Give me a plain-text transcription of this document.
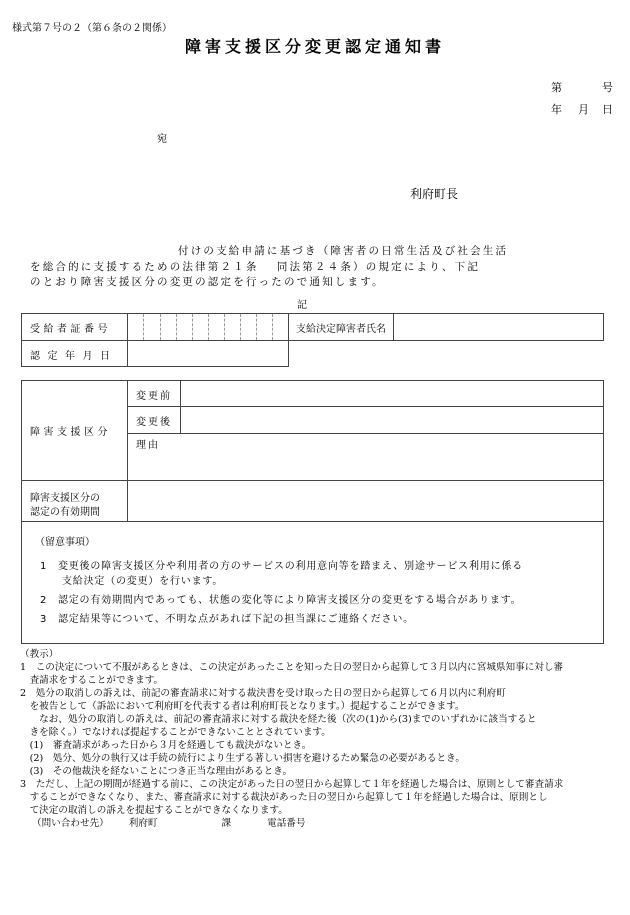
様式第７号の２（第６条の２関係）
障害支援区分変更認定通知書
第	号
年 月 日
宛
利府町長
付けの支給申請に基づき（障害者の日常生活及び社会生活
を総合的に支援するための法律第２１条　 同法第２４条）の規定により、下記
のとおり障害支援区分の変更の認定を行ったので通知します。
記
受給者証番号	支給決定障害者氏名
認定年月日
障害支援区分
変更前
変更後
理由
障害支援区分の
認定の有効期間
（留意事項）
1　変更後の障害支援区分や利用者の方のサービスの利用意向等を踏まえ、別途サービス利用に係る
支給決定（の変更）を行います。
2　認定の有効期間内であっても、状態の変化等により障害支援区分の変更をする場合があります。
3　認定結果等について、不明な点があれば下記の担当課にご連絡ください。
（教示）
1　この決定について不服があるときは、この決定があったことを知った日の翌日から起算して３月以内に宮城県知事に対し審
　査請求をすることができます。
2　処分の取消しの訴えは、前記の審査請求に対する裁決書を受け取った日の翌日から起算して６月以内に利府町
　を被告として（訴訟において利府町を代表する者は利府町長となります。）提起することができます。
　　なお、処分の取消しの訴えは、前記の審査請求に対する裁決を経た後（次の(1)から(3)までのいずれかに該当すると
　きを除く。）でなければ提起することができないこととされています。
　(1)　審査請求があった日から３月を経過しても裁決がないとき。
　(2)　処分、処分の執行又は手続の続行により生ずる著しい損害を避けるため緊急の必要があるとき。
　(3)　その他裁決を経ないことにつき正当な理由があるとき。
3　ただし、上記の期間が経過する前に、この決定があった日の翌日から起算して１年を経過した場合は、原則として審査請求
　することができなくなり、また、審査請求に対する裁決があった日の翌日から起算して１年を経過した場合は、原則とし
　て決定の取消しの訴えを提起することができなくなります。
（問い合わせ先） 利府町	課	電話番号
